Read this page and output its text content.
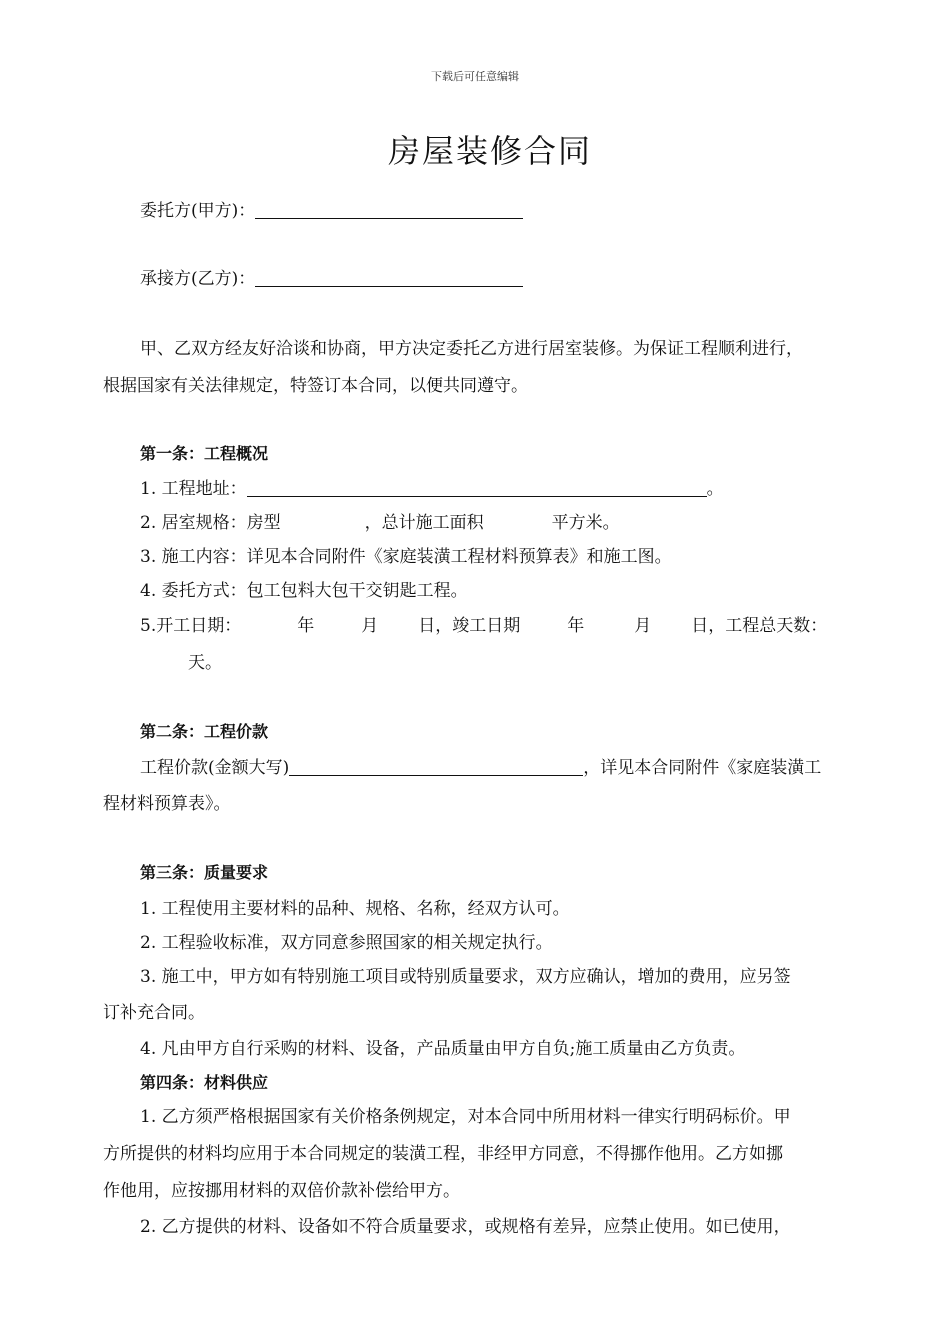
下载后可任意编辑
房屋装修合同
委托方(甲方)：
承接方(乙方)：
甲、乙双方经友好洽谈和协商，甲方决定委托乙方进行居室装修。为保证工程顺利进行，
根据国家有关法律规定，特签订本合同，以便共同遵守。
第一条：工程概况
1. 工程地址：	。
2. 居室规格：房型	，总计施工面积	平方米。
3. 施工内容：详见本合同附件《家庭装潢工程材料预算表》和施工图。
4. 委托方式：包工包料大包干交钥匙工程。
5.开工日期：	年	月 日，竣工日期	年	月 日，工程总天数：
天。
第二条：工程价款
工程价款(金额大写)	，详见本合同附件《家庭装潢工
程材料预算表》。
第三条：质量要求
1. 工程使用主要材料的品种、规格、名称，经双方认可。
2. 工程验收标准，双方同意参照国家的相关规定执行。
3. 施工中，甲方如有特别施工项目或特别质量要求，双方应确认，增加的费用，应另签
订补充合同。
4. 凡由甲方自行采购的材料、设备，产品质量由甲方自负;施工质量由乙方负责。
第四条：材料供应
1. 乙方须严格根据国家有关价格条例规定，对本合同中所用材料一律实行明码标价。甲
方所提供的材料均应用于本合同规定的装潢工程，非经甲方同意，不得挪作他用。乙方如挪
作他用，应按挪用材料的双倍价款补偿给甲方。
2. 乙方提供的材料、设备如不符合质量要求，或规格有差异，应禁止使用。如已使用，
